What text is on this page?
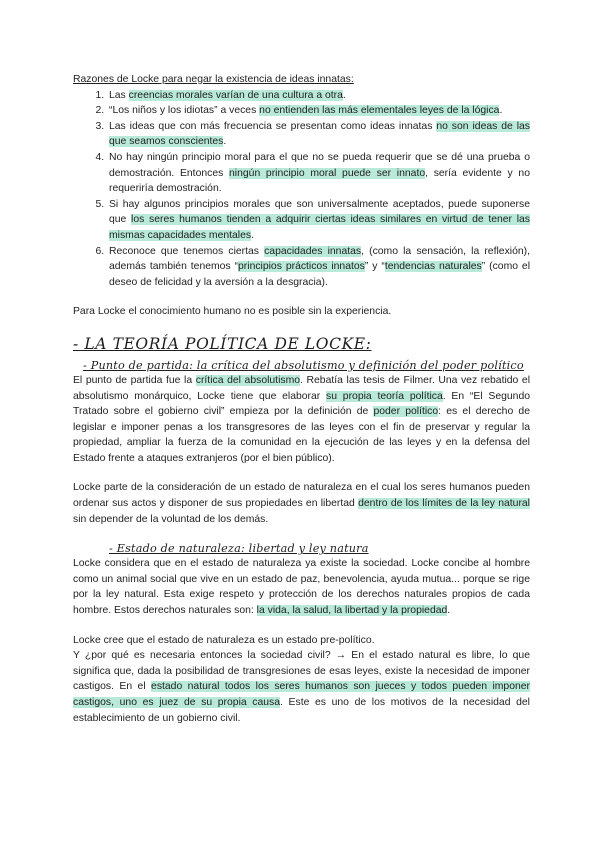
Razones de Locke para negar la existencia de ideas innatas:

1. Las creencias morales varían de una cultura a otra.
2. “Los niños y los idiotas” a veces no entienden las más elementales leyes de la lógica.
3. Las ideas que con más frecuencia se presentan como ideas innatas no son ideas de las que seamos conscientes.
4. No hay ningún principio moral para el que no se pueda requerir que se dé una prueba o demostración. Entonces ningún principio moral puede ser innato, sería evidente y no requeriría demostración.
5. Si hay algunos principios morales que son universalmente aceptados, puede suponerse que los seres humanos tienden a adquirir ciertas ideas similares en virtud de tener las mismas capacidades mentales.
6. Reconoce que tenemos ciertas capacidades innatas, (como la sensación, la reflexión), además también tenemos “principios prácticos innatos” y “tendencias naturales” (como el deseo de felicidad y la aversión a la desgracia).

Para Locke el conocimiento humano no es posible sin la experiencia.

- LA TEORÍA POLÍTICA DE LOCKE:
- Punto de partida: la crítica del absolutismo y definición del poder político

El punto de partida fue la crítica del absolutismo. Rebatía las tesis de Filmer. Una vez rebatido el absolutismo monárquico, Locke tiene que elaborar su propia teoría política. En “El Segundo Tratado sobre el gobierno civil” empieza por la definición de poder político: es el derecho de legislar e imponer penas a los transgresores de las leyes con el fin de preservar y regular la propiedad, ampliar la fuerza de la comunidad en la ejecución de las leyes y en la defensa del Estado frente a ataques extranjeros (por el bien público).

Locke parte de la consideración de un estado de naturaleza en el cual los seres humanos pueden ordenar sus actos y disponer de sus propiedades en libertad dentro de los límites de la ley natural sin depender de la voluntad de los demás.

- Estado de naturaleza: libertad y ley natura

Locke considera que en el estado de naturaleza ya existe la sociedad. Locke concibe al hombre como un animal social que vive en un estado de paz, benevolencia, ayuda mutua... porque se rige por la ley natural. Esta exige respeto y protección de los derechos naturales propios de cada hombre. Estos derechos naturales son: la vida, la salud, la libertad y la propiedad.

Locke cree que el estado de naturaleza es un estado pre-político.

Y ¿por qué es necesaria entonces la sociedad civil? → En el estado natural es libre, lo que significa que, dada la posibilidad de transgresiones de esas leyes, existe la necesidad de imponer castigos. En el estado natural todos los seres humanos son jueces y todos pueden imponer castigos, uno es juez de su propia causa. Este es uno de los motivos de la necesidad del establecimiento de un gobierno civil.
